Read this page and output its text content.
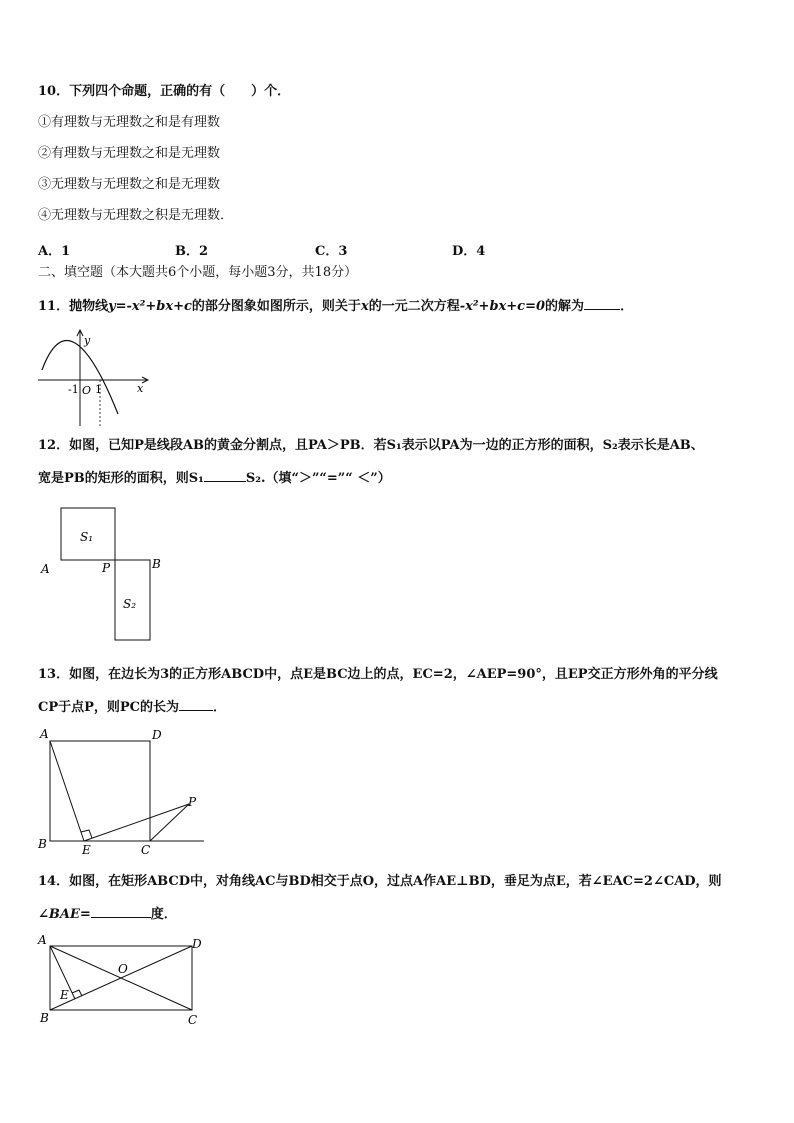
10．下列四个命题，正确的有（　　）个．
①有理数与无理数之和是有理数
②有理数与无理数之和是无理数
③无理数与无理数之和是无理数
④无理数与无理数之积是无理数．
A．1	B．2	C．3	D．4
二、填空题（本大题共6个小题，每小题3分，共18分）
11．抛物线y=-x²+bx+c的部分图象如图所示，则关于x的一元二次方程-x²+bx+c=0的解为	．
y
x
-1 O 1
12．如图，已知P是线段AB的黄金分割点，且PA＞PB．若S₁表示以PA为一边的正方形的面积，S₂表示长是AB、
宽是PB的矩形的面积，则S₁	S₂.（填“＞”“=”“ ＜”）
S₁
S₂
A	P	B
13．如图，在边长为3的正方形ABCD中，点E是BC边上的点，EC=2，∠AEP=90°，且EP交正方形外角的平分线
CP于点P，则PC的长为	．
A	D
B	E	C
P
14．如图，在矩形ABCD中，对角线AC与BD相交于点O，过点A作AE⊥BD，垂足为点E，若∠EAC=2∠CAD，则
∠BAE=	度．
A	D
B	C
O
E
